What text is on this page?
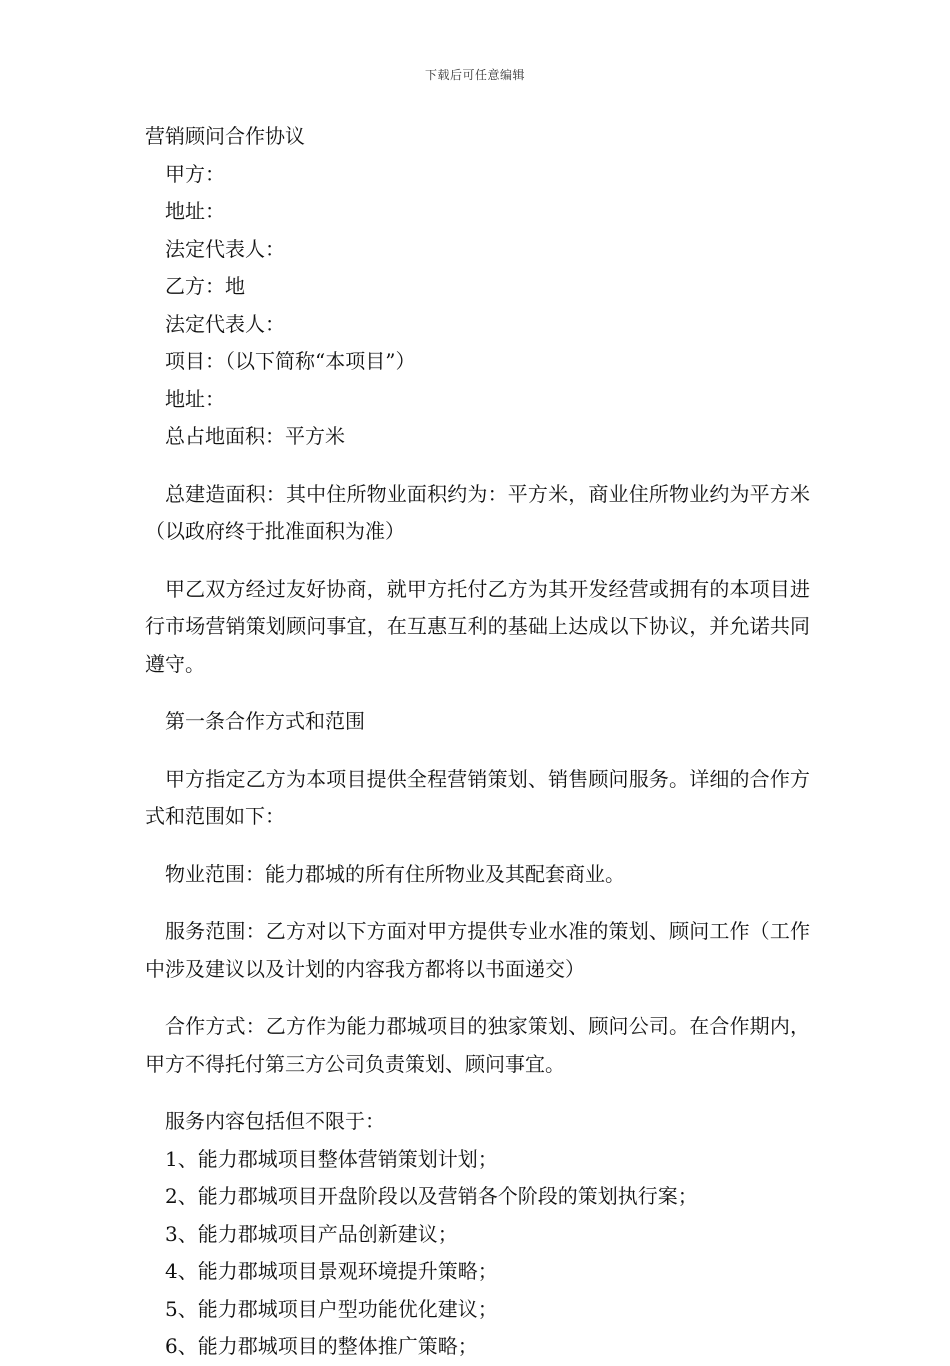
下载后可任意编辑

营销顾问合作协议

甲方：

地址：

法定代表人：

乙方：地

法定代表人：

项目：（以下简称“本项目”）

地址：

总占地面积：平方米

总建造面积：其中住所物业面积约为：平方米，商业住所物业约为平方米（以政府终于批准面积为准）

甲乙双方经过友好协商，就甲方托付乙方为其开发经营或拥有的本项目进行市场营销策划顾问事宜，在互惠互利的基础上达成以下协议，并允诺共同遵守。

第一条合作方式和范围

甲方指定乙方为本项目提供全程营销策划、销售顾问服务。详细的合作方式和范围如下：

物业范围：能力郡城的所有住所物业及其配套商业。

服务范围：乙方对以下方面对甲方提供专业水准的策划、顾问工作（工作中涉及建议以及计划的内容我方都将以书面递交）

合作方式：乙方作为能力郡城项目的独家策划、顾问公司。在合作期内，甲方不得托付第三方公司负责策划、顾问事宜。

服务内容包括但不限于：

1、能力郡城项目整体营销策划计划；

2、能力郡城项目开盘阶段以及营销各个阶段的策划执行案；

3、能力郡城项目产品创新建议；

4、能力郡城项目景观环境提升策略；

5、能力郡城项目户型功能优化建议；

6、能力郡城项目的整体推广策略；
